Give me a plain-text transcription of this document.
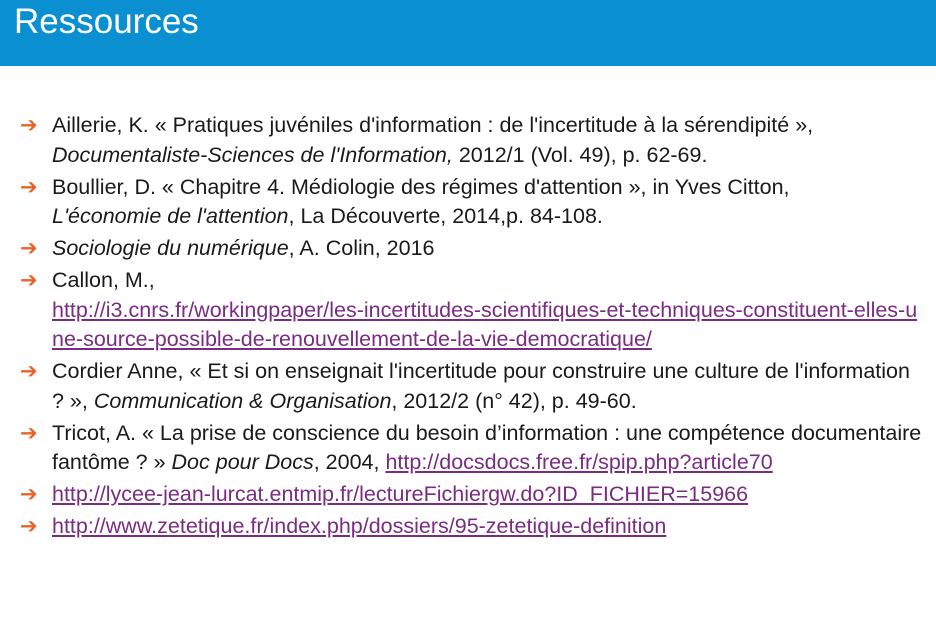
Ressources
➔ Aillerie, K. « Pratiques juvéniles d'information : de l'incertitude à la sérendipité »,
Documentaliste-Sciences de l'Information, 2012/1 (Vol. 49), p. 62-69.
➔ Boullier, D. « Chapitre 4. Médiologie des régimes d'attention », in Yves Citton,
L'économie de l'attention, La Découverte, 2014,p. 84-108.
➔ Sociologie du numérique, A. Colin, 2016
➔ Callon, M.,
http://i3.cnrs.fr/workingpaper/les-incertitudes-scientifiques-et-techniques-constituent-elles-une-source-possible-de-renouvellement-de-la-vie-democratique/
➔ Cordier Anne, « Et si on enseignait l'incertitude pour construire une culture de l'information ? », Communication & Organisation, 2012/2 (n° 42), p. 49-60.
➔ Tricot, A. « La prise de conscience du besoin d’information : une compétence documentaire fantôme ? » Doc pour Docs, 2004, http://docsdocs.free.fr/spip.php?article70
➔ http://lycee-jean-lurcat.entmip.fr/lectureFichiergw.do?ID_FICHIER=15966
➔ http://www.zetetique.fr/index.php/dossiers/95-zetetique-definition
